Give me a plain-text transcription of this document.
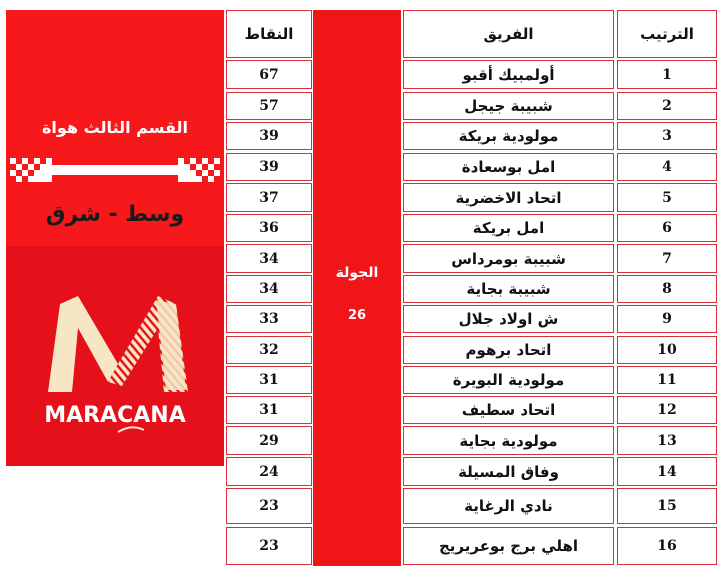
القسم الثالث هواة
وسط - شرق
MARACANA
النقاط	الفريق	الترتيب
الجولة
26
67	أولمبيك أقبو	1
57	شبيبة جيجل	2
39	مولودية بريكة	3
39	امل بوسعادة	4
37	اتحاد الاخضرية	5
36	امل بريكة	6
34	شبيبة بومرداس	7
34	شبيبة بجاية	8
33	ش اولاد جلال	9
32	اتحاد برهوم	10
31	مولودية البويرة	11
31	اتحاد سطيف	12
29	مولودية بجاية	13
24	وفاق المسيلة	14
23	نادي الرغاية	15
23	اهلي برج بوعريريج	16
